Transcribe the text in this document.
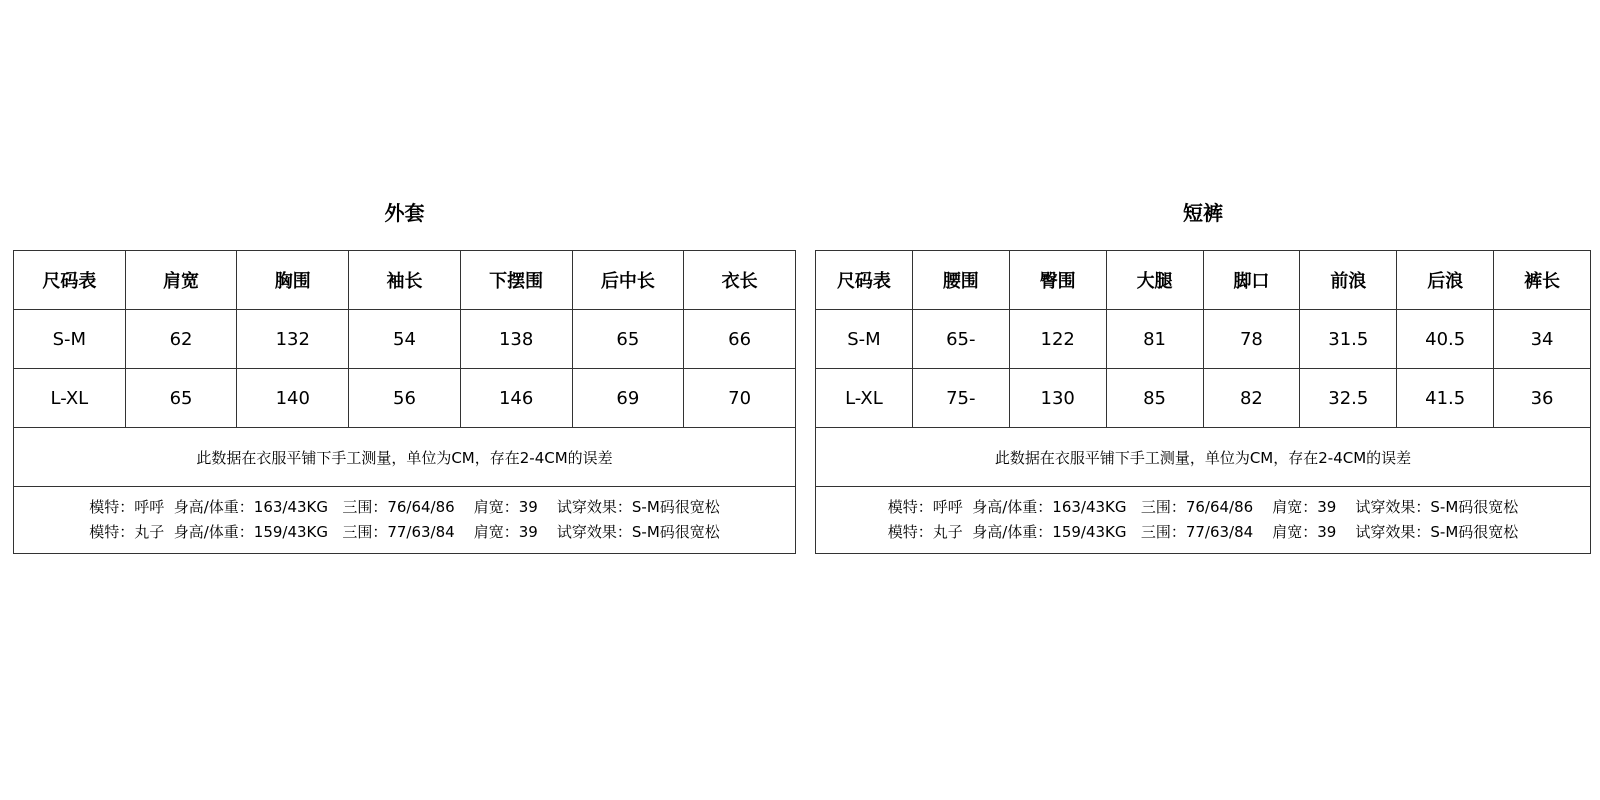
外套
尺码表	肩宽	胸围	袖长	下摆围	后中长	衣长
S-M	62	132	54	138	65	66
L-XL	65	140	56	146	69	70
此数据在衣服平铺下手工测量，单位为CM，存在2-4CM的误差						

模特：呼呼  身高/体重：163/43KG   三围：76/64/86    肩宽：39    试穿效果：S-M码很宽松
模特：丸子  身高/体重：159/43KG   三围：77/63/84    肩宽：39    试穿效果：S-M码很宽松						
短裤
尺码表	腰围	臀围	大腿	脚口	前浪	后浪	裤长
S-M	65-	122	81	78	31.5	40.5	34
L-XL	75-	130	85	82	32.5	41.5	36
此数据在衣服平铺下手工测量，单位为CM，存在2-4CM的误差							

模特：呼呼  身高/体重：163/43KG   三围：76/64/86    肩宽：39    试穿效果：S-M码很宽松
模特：丸子  身高/体重：159/43KG   三围：77/63/84    肩宽：39    试穿效果：S-M码很宽松							
